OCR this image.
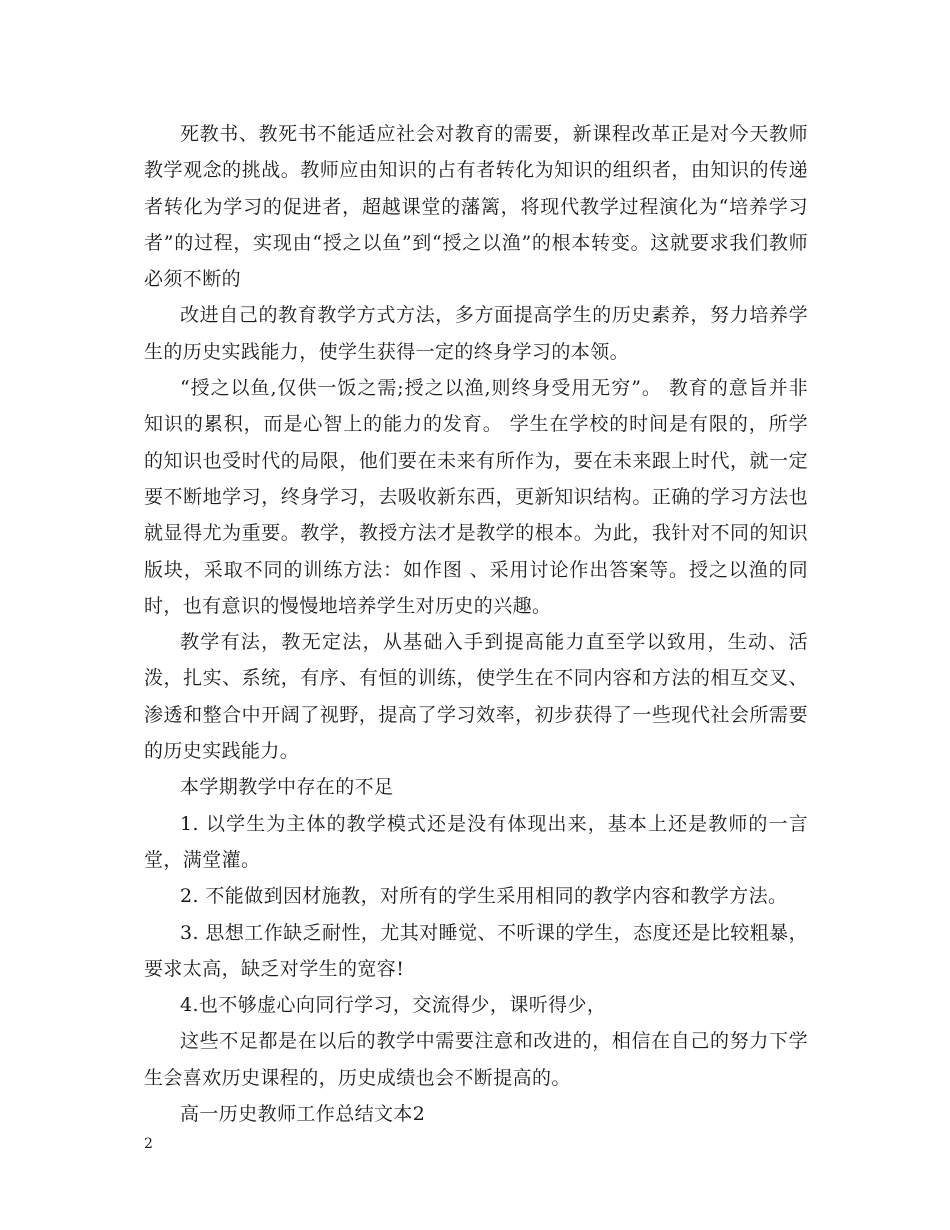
死教书、教死书不能适应社会对教育的需要，新课程改革正是对今天教师教学观念的挑战。教师应由知识的占有者转化为知识的组织者，由知识的传递者转化为学习的促进者，超越课堂的藩篱，将现代教学过程演化为“培养学习者”的过程，实现由“授之以鱼”到“授之以渔”的根本转变。这就要求我们教师必须不断的

改进自己的教育教学方式方法，多方面提高学生的历史素养，努力培养学生的历史实践能力，使学生获得一定的终身学习的本领。

“授之以鱼,仅供一饭之需;授之以渔,则终身受用无穷”。 教育的意旨并非知识的累积，而是心智上的能力的发育。 学生在学校的时间是有限的，所学的知识也受时代的局限，他们要在未来有所作为，要在未来跟上时代，就一定要不断地学习，终身学习，去吸收新东西，更新知识结构。正确的学习方法也就显得尤为重要。教学，教授方法才是教学的根本。为此，我针对不同的知识版块，采取不同的训练方法：如作图 、采用讨论作出答案等。授之以渔的同时，也有意识的慢慢地培养学生对历史的兴趣。

教学有法，教无定法，从基础入手到提高能力直至学以致用，生动、活泼，扎实、系统，有序、有恒的训练，使学生在不同内容和方法的相互交叉、渗透和整合中开阔了视野，提高了学习效率，初步获得了一些现代社会所需要的历史实践能力。

本学期教学中存在的不足

1. 以学生为主体的教学模式还是没有体现出来，基本上还是教师的一言堂，满堂灌。

2. 不能做到因材施教，对所有的学生采用相同的教学内容和教学方法。

3. 思想工作缺乏耐性，尤其对睡觉、不听课的学生，态度还是比较粗暴，要求太高，缺乏对学生的宽容!

4.也不够虚心向同行学习，交流得少，课听得少，

这些不足都是在以后的教学中需要注意和改进的，相信在自己的努力下学生会喜欢历史课程的，历史成绩也会不断提高的。

高一历史教师工作总结文本2

2
